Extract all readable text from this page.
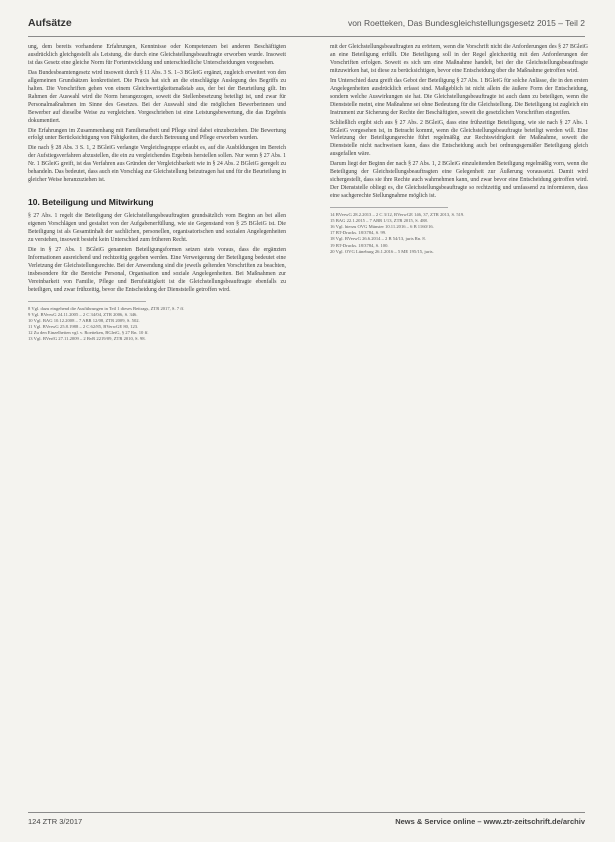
Aufsätze	von Roetteken, Das Bundesgleichstellungsgesetz 2015 – Teil 2

ung, dem bereits vorhandene Erfahrungen, Kenntnisse oder Kompetenzen bei anderen Beschäftigten ausdrücklich gleichgestellt als Leistung, die durch eine Gleichstellungsbeauftragte erworben wurde. Insoweit ist das Gesetz eine gleiche Norm für Fortentwicklung und unterschiedliche Unterscheidungen vorgesehen.

Das Bundesbeamtengesetz wird insoweit durch § 11 Abs. 3 S. 1–3 BGleiG ergänzt, zugleich erweitert von den allgemeinen Grundsätzen konkretisiert. Die Praxis hat sich an die einschlägige Auslegung des Begriffs zu halten. Die Vorschriften gehen von einem Gleichwertigkeitsmaßstab aus, der bei der Beurteilung gilt. Im Rahmen der Auswahl wird die Norm herangezogen, soweit die Stellenbesetzung beteiligt ist, und zwar für Personalmaßnahmen im Sinne des Gesetzes. Bei der Auswahl sind die möglichen Bewerberinnen und Bewerber auf dieselbe Weise zu vergleichen. Vorgeschrieben ist eine Leistungsbewertung, die das Ergebnis dokumentiert.

Die Erfahrungen im Zusammenhang mit Familienarbeit und Pflege sind dabei einzubeziehen. Die Bewertung erfolgt unter Berücksichtigung von Fähigkeiten, die durch Betreuung und Pflege erworben wurden.

Die nach § 28 Abs. 3 S. 1, 2 BGleiG verlangte Vergleichsgruppe erlaubt es, auf die Ausbildungen im Bereich der Aufstiegsverfahren abzustellen, die ein zu vergleichendes Ergebnis herstellen sollen. Nur wenn § 27 Abs. 1 Nr. 1 BGleiG greift, ist das Verfahren aus Gründen der Vergleichbarkeit wie in § 24 Abs. 2 BGleiG geregelt zu behandeln. Das bedeutet, dass auch ein Vorschlag zur Gleichstellung beizutragen hat und für die Beurteilung in gleicher Weise heranzuziehen ist.

10. Beteiligung und Mitwirkung

§ 27 Abs. 1 regelt die Beteiligung der Gleichstellungsbeauftragten grundsätzlich vom Beginn an bei allen eigenen Vorschlägen und gestaltet von der Aufgabenerfüllung, wie sie Gegenstand von § 25 BGleiG ist. Die Beteiligung ist als Gesamtinhalt der sachlichen, personellen, organisatorischen und sozialen Angelegenheiten zu verstehen, insoweit besteht kein Unterschied zum früheren Recht.

Die in § 27 Abs. 1 BGleiG genannten Beteiligungsformen setzen stets voraus, dass die ergänzten Informationen ausreichend und rechtzeitig gegeben werden. Eine Verweigerung der Beteiligung bedeutet eine Verletzung der Gleichstellungsrechte. Bei der Anwendung sind die jeweils geltenden Vorschriften zu beachten, insbesondere für die Bereiche Personal, Organisation und soziale Angelegenheiten. Bei Maßnahmen zur Vereinbarkeit von Familie, Pflege und Berufstätigkeit ist die Gleichstellungsbeauftragte ebenfalls zu beteiligen, und zwar frühzeitig, bevor die Entscheidung der Dienststelle getroffen wird.

8 Vgl. dazu eingehend die Ausführungen in Teil 1 dieses Beitrags, ZTR 2017, S. 7 ff.

9 Vgl. BVerwG 24.11.2005 – 2 C 34/04, ZTR 2006, S. 346.

10 Vgl. BAG 10.12.2008 – 7 ABR 12/08, ZTR 2009, S. 502.

11 Vgl. BVerwG 25.8.1988 – 2 C 62/85, BVerwGE 80, 123.

12 Zu den Einzelheiten vgl. v. Roetteken, BGleiG, § 27 Rn. 10 ff.

13 Vgl. BVerfG 27.11.2009 – 2 BvR 2219/09, ZTR 2010, S. 98.

mit der Gleichstellungsbeauftragten zu erörtern, wenn die Vorschrift nicht die Anforderungen des § 27 BGleiG an eine Beteiligung erfüllt. Die Beteiligung soll in der Regel gleichzeitig mit den Anforderungen der Vorschriften erfolgen. Soweit es sich um eine Maßnahme handelt, bei der die Gleichstellungsbeauftragte mitzuwirken hat, ist diese zu berücksichtigen, bevor eine Entscheidung über die Maßnahme getroffen wird.

Im Unterschied dazu greift das Gebot der Beteiligung § 27 Abs. 1 BGleiG für solche Anlässe, die in den ersten Angelegenheiten ausdrücklich erfasst sind. Maßgeblich ist nicht allein die äußere Form der Entscheidung, sondern welche Auswirkungen sie hat. Die Gleichstellungsbeauftragte ist auch dann zu beteiligen, wenn die Dienststelle meint, eine Maßnahme sei ohne Bedeutung für die Gleichstellung. Die Beteiligung ist zugleich ein Instrument zur Sicherung der Rechte der Beschäftigten, soweit die gesetzlichen Vorschriften eingreifen.

Schließlich ergibt sich aus § 27 Abs. 2 BGleiG, dass eine frühzeitige Beteiligung, wie sie nach § 27 Abs. 1 BGleiG vorgesehen ist, in Betracht kommt, wenn die Gleichstellungsbeauftragte beteiligt werden will. Eine Verletzung der Beteiligungsrechte führt regelmäßig zur Rechtswidrigkeit der Maßnahme, soweit die Dienststelle nicht nachweisen kann, dass die Entscheidung auch bei ordnungsgemäßer Beteiligung gleich ausgefallen wäre.

Darum liegt der Beginn der nach § 27 Abs. 1, 2 BGleiG einzuleitenden Beteiligung regelmäßig vorn, wenn die Beteiligung der Gleichstellungsbeauftragten eine Gelegenheit zur Äußerung voraussetzt. Damit wird sichergestellt, dass sie ihre Rechte auch wahrnehmen kann, und zwar bevor eine Entscheidung getroffen wird. Der Dienststelle obliegt es, die Gleichstellungsbeauftragte so rechtzeitig und umfassend zu informieren, dass eine sachgerechte Stellungnahme möglich ist.

14 BVerwG 28.2.2013 – 2 C 3/12, BVerwGE 146, 37, ZTR 2013, S. 519.

15 BAG 22.1.2015 – 7 ABR 1/13, ZTR 2015, S. 488.

16 Vgl. hierzu OVG Münster 10.11.2016 – 6 B 1160/16.

17 BT-Drucks. 18/3784, S. 99.

18 Vgl. BVerwG 26.6.2014 – 2 B 54/13, juris Rn. 8.

19 BT-Drucks. 18/3784, S. 100.

20 Vgl. OVG Lüneburg 26.1.2016 – 5 ME 195/15, juris.

124 ZTR 3/2017	News & Service online – www.ztr-zeitschrift.de/archiv
